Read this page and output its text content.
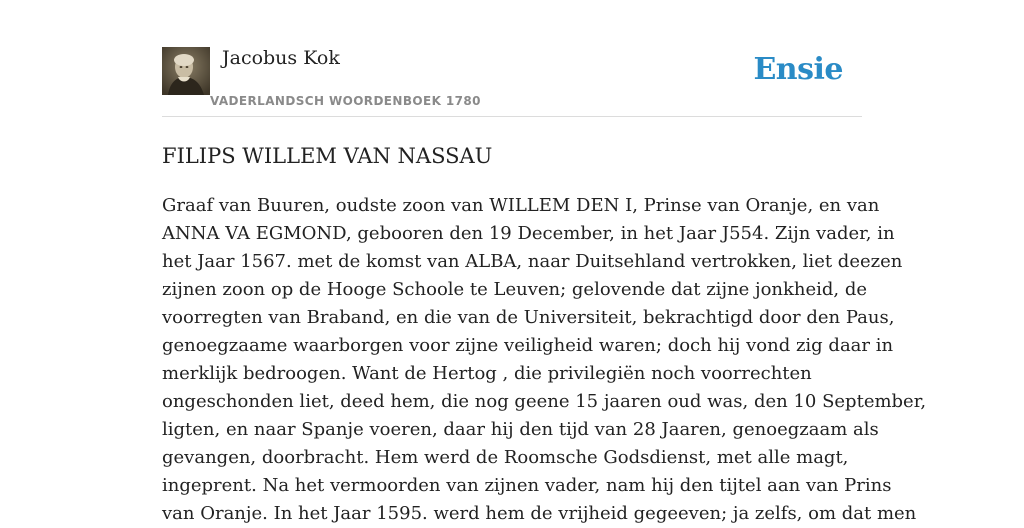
Jacobus Kok
VADERLANDSCH WOORDENBOEK 1780
Ensie
FILIPS WILLEM VAN NASSAU
Graaf van Buuren, oudste zoon van WILLEM DEN I, Prinse van Oranje, en van
ANNA VA EGMOND, gebooren den 19 December, in het Jaar J554. Zijn vader, in
het Jaar 1567. met de komst van ALBA, naar Duitsehland vertrokken, liet deezen
zijnen zoon op de Hooge Schoole te Leuven; gelovende dat zijne jonkheid, de
voorregten van Braband, en die van de Universiteit, bekrachtigd door den Paus,
genoegzaame waarborgen voor zijne veiligheid waren; doch hij vond zig daar in
merklijk bedroogen. Want de Hertog , die privilegiën noch voorrechten
ongeschonden liet, deed hem, die nog geene 15 jaaren oud was, den 10 September,
ligten, en naar Spanje voeren, daar hij den tijd van 28 Jaaren, genoegzaam als
gevangen, doorbracht. Hem werd de Roomsche Godsdienst, met alle magt,
ingeprent. Na het vermoorden van zijnen vader, nam hij den tijtel aan van Prins
van Oranje. In het Jaar 1595. werd hem de vrijheid gegeeven; ja zelfs, om dat men
